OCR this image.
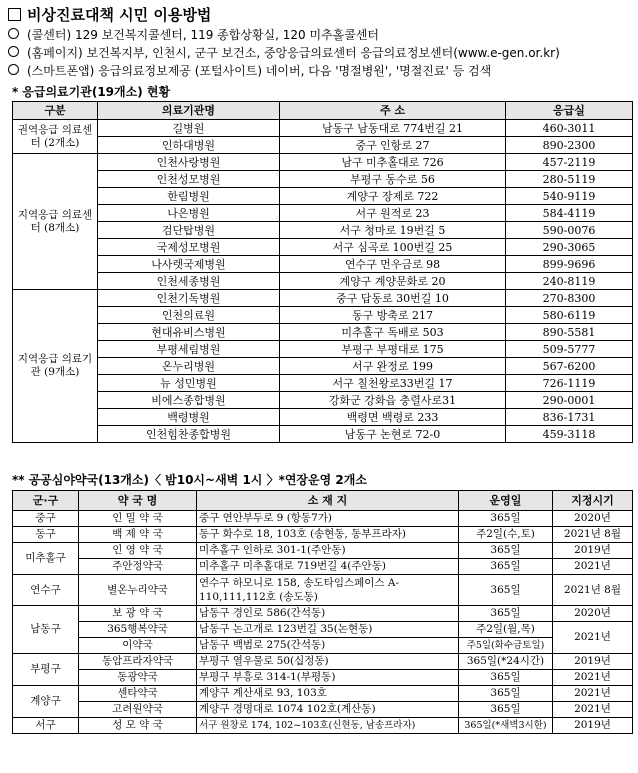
비상진료대책 시민 이용방법
(콜센터) 129 보건복지콜센터, 119 종합상황실, 120 미추홀콜센터
(홈페이지) 보건복지부, 인천시, 군구 보건소, 중앙응급의료센터 응급의료정보센터(www.e-gen.or.kr)
(스마트폰앱) 응급의료정보제공 (포털사이트) 네이버, 다음 '명절병원', '명절진료' 등 검색
* 응급의료기관(19개소) 현황
구분	의료기관명	주 소	응급실
권역응급 의료센터 (2개소)	길병원	남동구 남동대로 774번길 21	460-3011
	인하대병원	중구 인항로 27	890-2300
지역응급 의료센터 (8개소)	인천사랑병원	남구 미추홀대로 726	457-2119
	인천성모병원	부평구 동수로 56	280-5119
	한림병원	계양구 장제로 722	540-9119
	나은병원	서구 원적로 23	584-4119
	검단탑병원	서구 청마로 19번길 5	590-0076
	국제성모병원	서구 심곡로 100번길 25	290-3065
	나사렛국제병원	연수구 먼우금로 98	899-9696
	인천세종병원	계양구 계양문화로 20	240-8119
지역응급 의료기관 (9개소)	인천기독병원	중구 답동로 30번길 10	270-8300
	인천의료원	동구 방축로 217	580-6119
	현대유비스병원	미추홀구 독배로 503	890-5581
	부평세림병원	부평구 부평대로 175	509-5777
	온누리병원	서구 완정로 199	567-6200
	뉴 성민병원	서구 칠천왕로33번길 17	726-1119
	비에스종합병원	강화군 강화읍 충렬사로31	290-0001
	백령병원	백령면 백령로 233	836-1731
	인천힘찬종합병원	남동구 논현로 72-0	459-3118
** 공공심야약국(13개소)〈 밤10시~새벽 1시 〉*연장운영 2개소
군·구	약 국 명	소 재 지	운영일	지정시기
중구	인 밀 약 국	중구 연안부두로 9 (항동7가)	365일	2020년
동구	백 제 약 국	동구 화수로 18, 103호 (송현동, 동부프라자)	주2일(수,토)	2021년 8월
미추홀구	인 영 약 국	미추홀구 인하로 301-1(주안동)	365일	2019년
	주안정약국	미추홀구 미추홀대로 719번길 4(주안동)	365일	2021년
연수구	별온누리약국	연수구 하모니로 158, 송도타임스페이스 A-110,111,112호 (송도동)	365일	2021년 8월
남동구	보 광 약 국	남동구 경인로 586(간석동)	365일	2020년
	365행복약국	남동구 논고개로 123번길 35(논현동)	주2일(월,목)	2021년
	이약국	남동구 백범로 275(간석동)	주5일(화수금토일)	
부평구	동암프라자약국	부평구 열우물로 50(십정동)	365일(*24시간)	2019년
	동광약국	부평구 부흥로 314-1(부평동)	365일	2021년
계양구	센타약국	계양구 계산새로 93, 103호	365일	2021년
	고려원약국	계양구 경명대로 1074 102호(계산동)	365일	2021년
서구	성 모 약 국	서구 원창로 174, 102~103호(신현동, 남송프라자)	365일(*새벽3시한)	2019년
